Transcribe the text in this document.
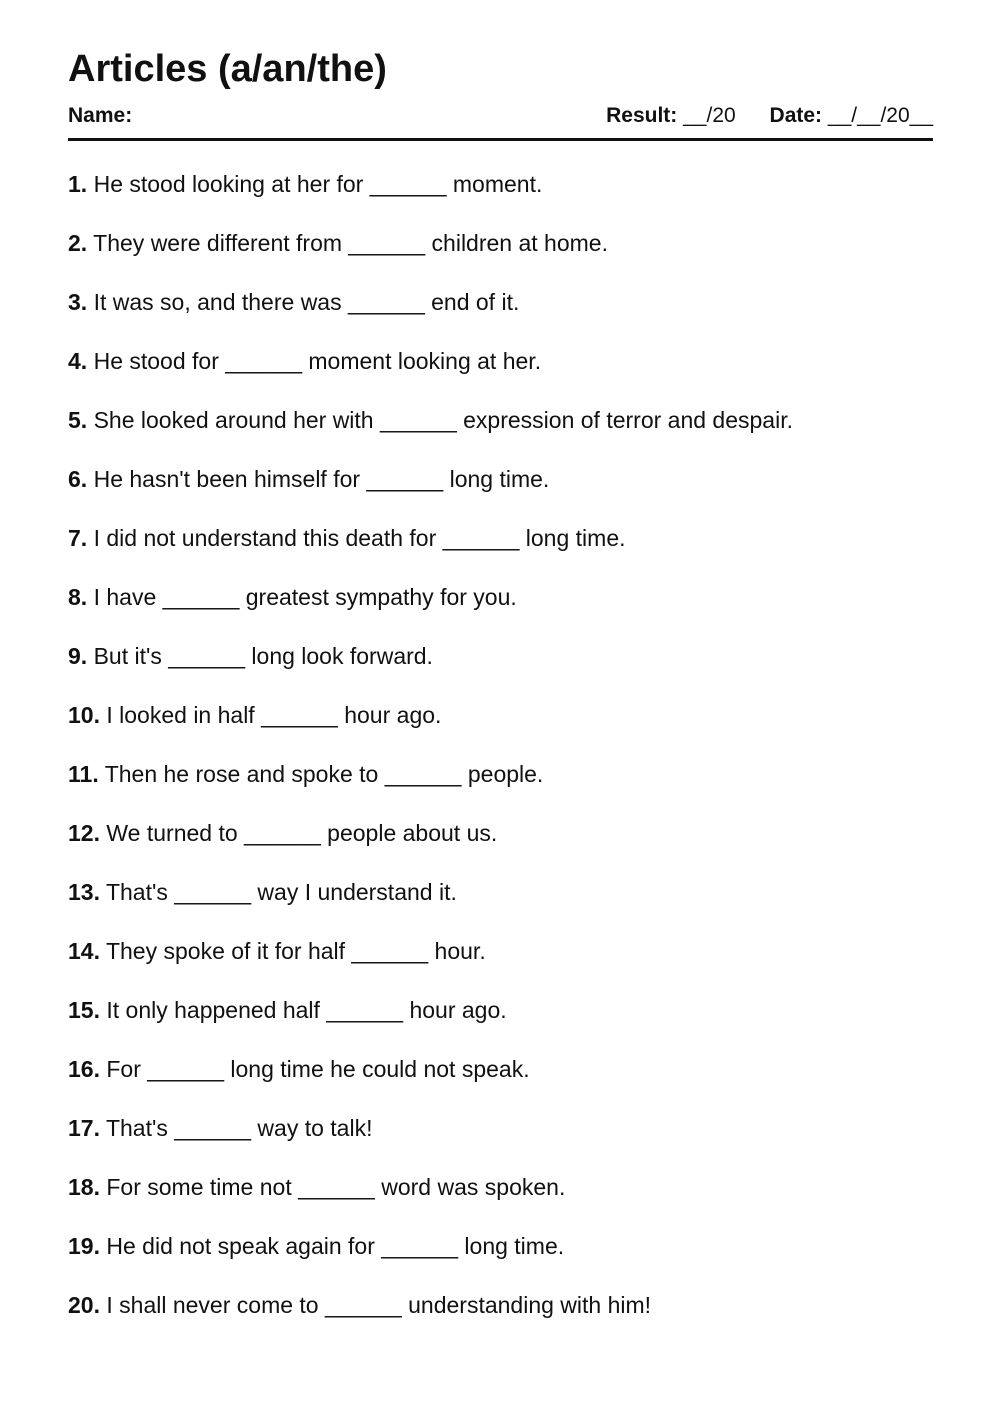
Articles (a/an/the)
Name:	Result: __/20 Date: __/__/20__
1. He stood looking at her for ______ moment.
2. They were different from ______ children at home.
3. It was so, and there was ______ end of it.
4. He stood for ______ moment looking at her.
5. She looked around her with ______ expression of terror and despair.
6. He hasn't been himself for ______ long time.
7. I did not understand this death for ______ long time.
8. I have ______ greatest sympathy for you.
9. But it's ______ long look forward.
10. I looked in half ______ hour ago.
11. Then he rose and spoke to ______ people.
12. We turned to ______ people about us.
13. That's ______ way I understand it.
14. They spoke of it for half ______ hour.
15. It only happened half ______ hour ago.
16. For ______ long time he could not speak.
17. That's ______ way to talk!
18. For some time not ______ word was spoken.
19. He did not speak again for ______ long time.
20. I shall never come to ______ understanding with him!
